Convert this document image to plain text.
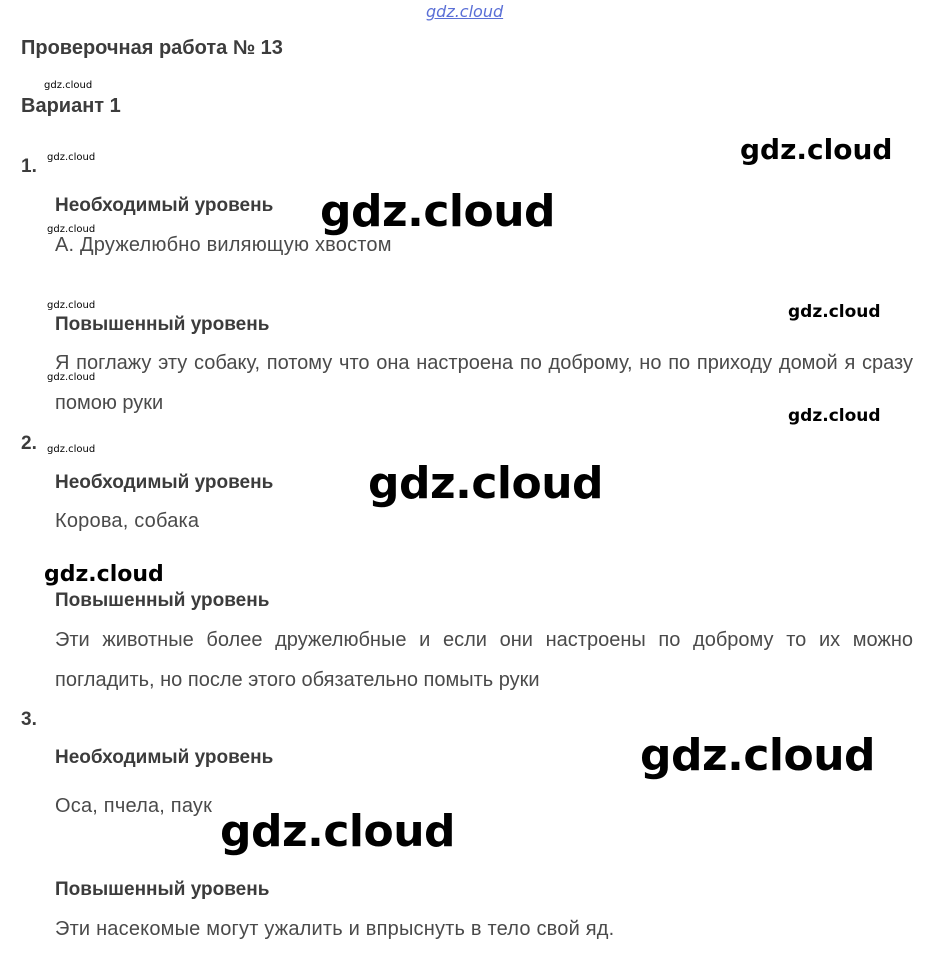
gdz.cloud
Проверочная работа № 13
gdz.cloud
Вариант 1
1. gdz.cloud	gdz.cloud
Необходимый уровень gdz.cloud
gdz.cloud
А. Дружелюбно виляющую хвостом
gdz.cloud	gdz.cloud
Повышенный уровень
Я поглажу эту собаку, потому что она настроена по доброму, но по приходу домой я сразу помою руки
gdz.cloud
gdz.cloud
2. gdz.cloud
Необходимый уровень gdz.cloud
Корова, собака
gdz.cloud
Повышенный уровень
Эти животные более дружелюбные и если они настроены по доброму то их можно погладить, но после этого обязательно помыть руки
3.
Необходимый уровень	gdz.cloud
Оса, пчела, паук gdz.cloud
Повышенный уровень
Эти насекомые могут ужалить и впрыснуть в тело свой яд.
